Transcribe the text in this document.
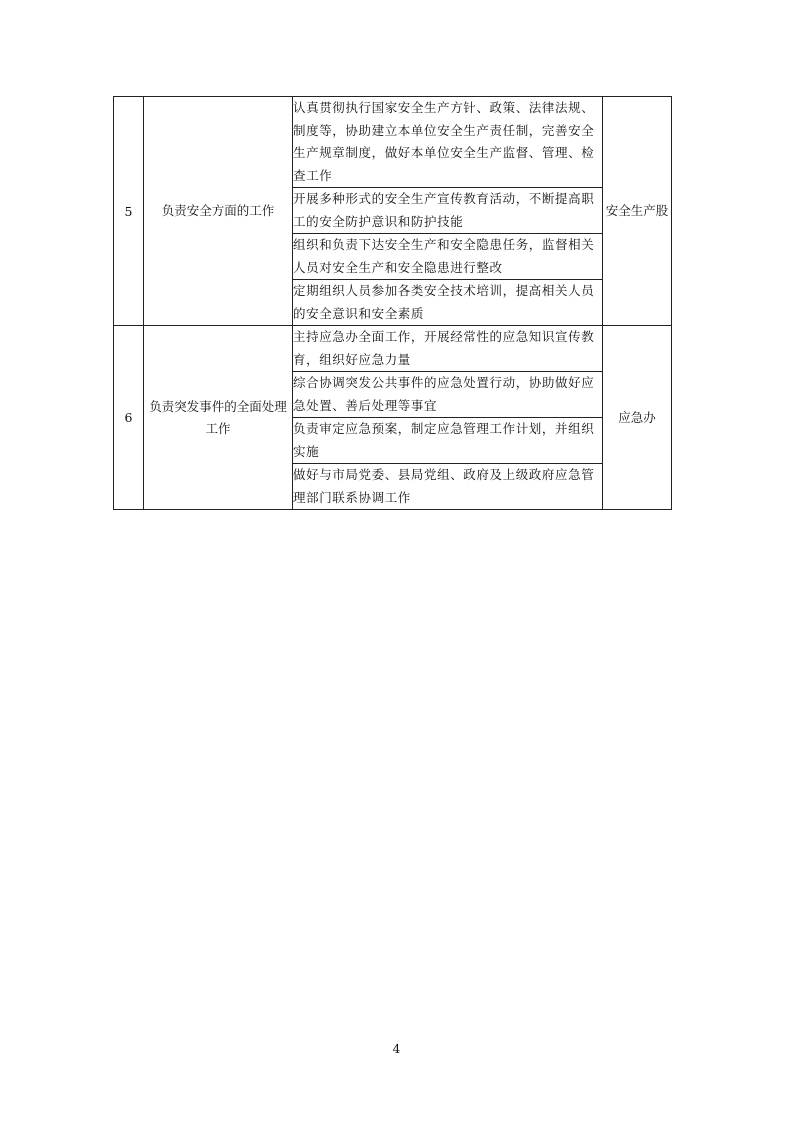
5	负责安全方面的工作	认真贯彻执行国家安全生产方针、政策、法律法规、制度等，协助建立本单位安全生产责任制，完善安全生产规章制度，做好本单位安全生产监督、管理、检查工作	安全生产股

		开展多种形式的安全生产宣传教育活动，不断提高职工的安全防护意识和防护技能	

		组织和负责下达安全生产和安全隐患任务，监督相关人员对安全生产和安全隐患进行整改	

		定期组织人员参加各类安全技术培训，提高相关人员的安全意识和安全素质	

6	负责突发事件的全面处理工作	主持应急办全面工作，开展经常性的应急知识宣传教育，组织好应急力量	应急办

		综合协调突发公共事件的应急处置行动，协助做好应急处置、善后处理等事宜	

		负责审定应急预案，制定应急管理工作计划，并组织实施	

		做好与市局党委、县局党组、政府及上级政府应急管理部门联系协调工作	
4
